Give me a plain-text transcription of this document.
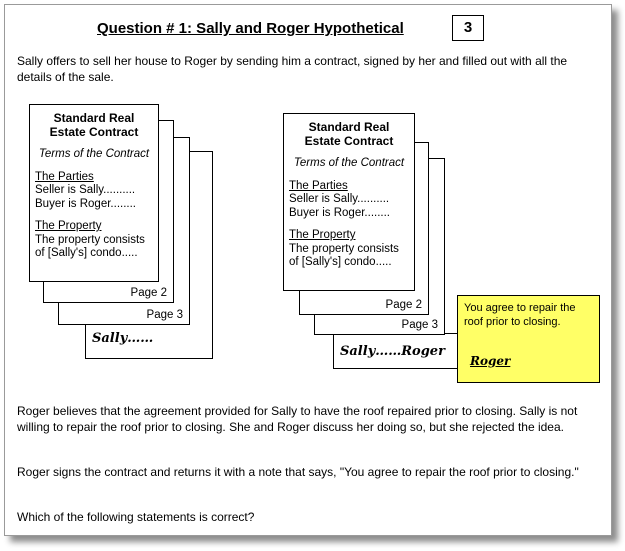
Question # 1: Sally and Roger Hypothetical	3
Sally offers to sell her house to Roger by sending him a contract, signed by her and filled out with all the details of the sale.
Sally……
Page 3
Page 2
Standard Real
Estate Contract
Terms of the Contract
The Parties
Seller is Sally..........
Buyer is Roger........
The Property
The property consists
of [Sally's] condo.....
Sally……Roger
Page 3
Page 2
Standard Real
Estate Contract
Terms of the Contract
The Parties
Seller is Sally..........
Buyer is Roger........
The Property
The property consists
of [Sally's] condo.....
You agree to repair the roof prior to closing.
Roger
Roger believes that the agreement provided for Sally to have the roof repaired prior to closing. Sally is not willing to repair the roof prior to closing. She and Roger discuss her doing so, but she rejected the idea.
Roger signs the contract and returns it with a note that says, "You agree to repair the roof prior to closing."
Which of the following statements is correct?
